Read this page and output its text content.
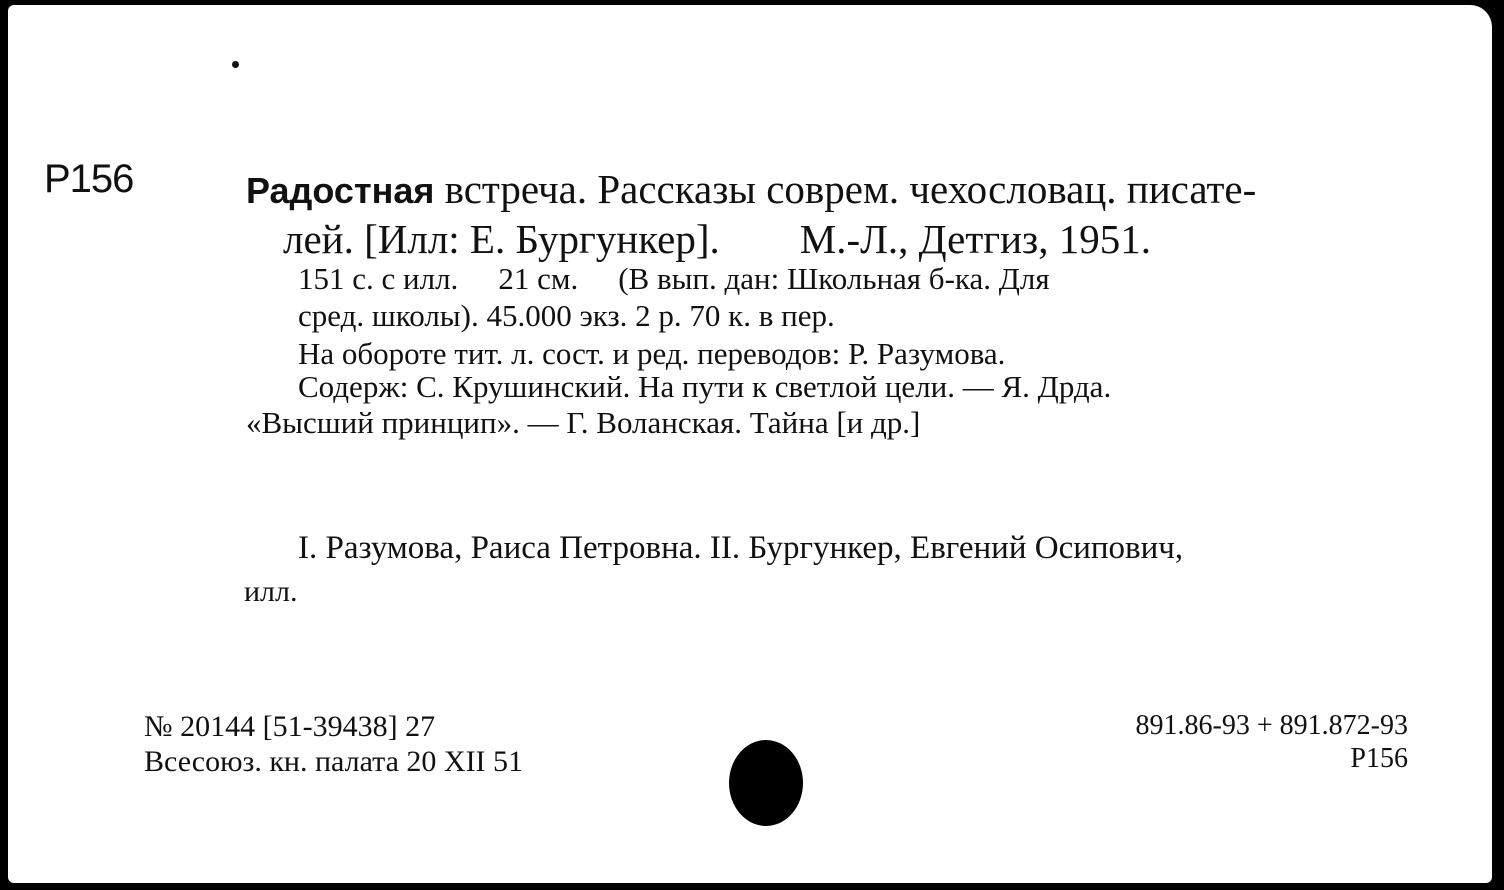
Р156	Радостная встреча. Рассказы соврем. чехословац. писате-

лей. [Илл: Е. Бургункер]. М.-Л., Детгиз, 1951.

151 с. с илл. 21 см. (В вып. дан: Школьная б-ка. Для

сред. школы). 45.000 экз. 2 р. 70 к. в пер.

На обороте тит. л. сост. и ред. переводов: Р. Разумова.

Содерж: С. Крушинский. На пути к светлой цели. — Я. Дрда.

«Высший принцип». — Г. Воланская. Тайна [и др.]

I. Разумова, Раиса Петровна. II. Бургункер, Евгений Осипович,

илл.

№ 20144 [51-39438] 27

Всесоюз. кн. палата 20 XII 51

891.86-93 + 891.872-93

Р156
